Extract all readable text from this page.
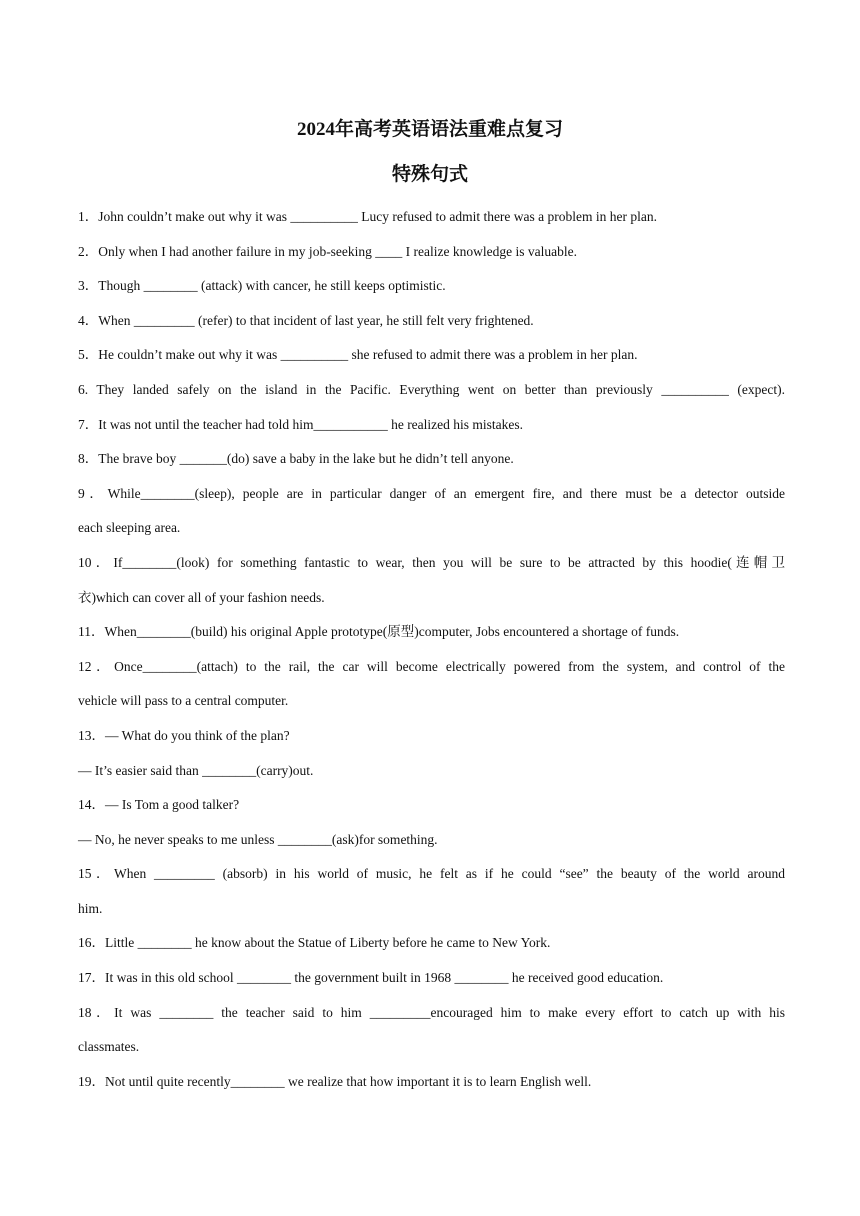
2024年高考英语语法重难点复习
特殊句式
1．John couldn’t make out why it was __________ Lucy refused to admit there was a problem in her plan.
2．Only when I had another failure in my job-seeking ____ I realize knowledge is valuable.
3．Though ________ (attack) with cancer, he still keeps optimistic.
4．When _________ (refer) to that incident of last year, he still felt very frightened.
5．He couldn’t make out why it was __________ she refused to admit there was a problem in her plan.
6. They landed safely on the island in the Pacific. Everything went on better than previously __________ (expect).
7．It was not until the teacher had told him___________ he realized his mistakes.
8．The brave boy _______(do) save a baby in the lake but he didn’t tell anyone.
9．While________(sleep), people are in particular danger of an emergent fire, and there must be a detector outside
each sleeping area.
10．If________(look) for something fantastic to wear, then you will be sure to be attracted by this hoodie(连帽卫
衣)which can cover all of your fashion needs.
11．When________(build) his original Apple prototype(原型)computer, Jobs encountered a shortage of funds.
12．Once________(attach) to the rail, the car will become electrically powered from the system, and control of the
vehicle will pass to a central computer.
13．— What do you think of the plan?
— It’s easier said than ________(carry)out.
14．— Is Tom a good talker?
— No, he never speaks to me unless ________(ask)for something.
15．When _________ (absorb) in his world of music, he felt as if he could “see” the beauty of the world around
him.
16．Little ________ he know about the Statue of Liberty before he came to New York.
17．It was in this old school ________ the government built in 1968 ________ he received good education.
18．It was ________ the teacher said to him _________encouraged him to make every effort to catch up with his
classmates.
19．Not until quite recently________ we realize that how important it is to learn English well.
